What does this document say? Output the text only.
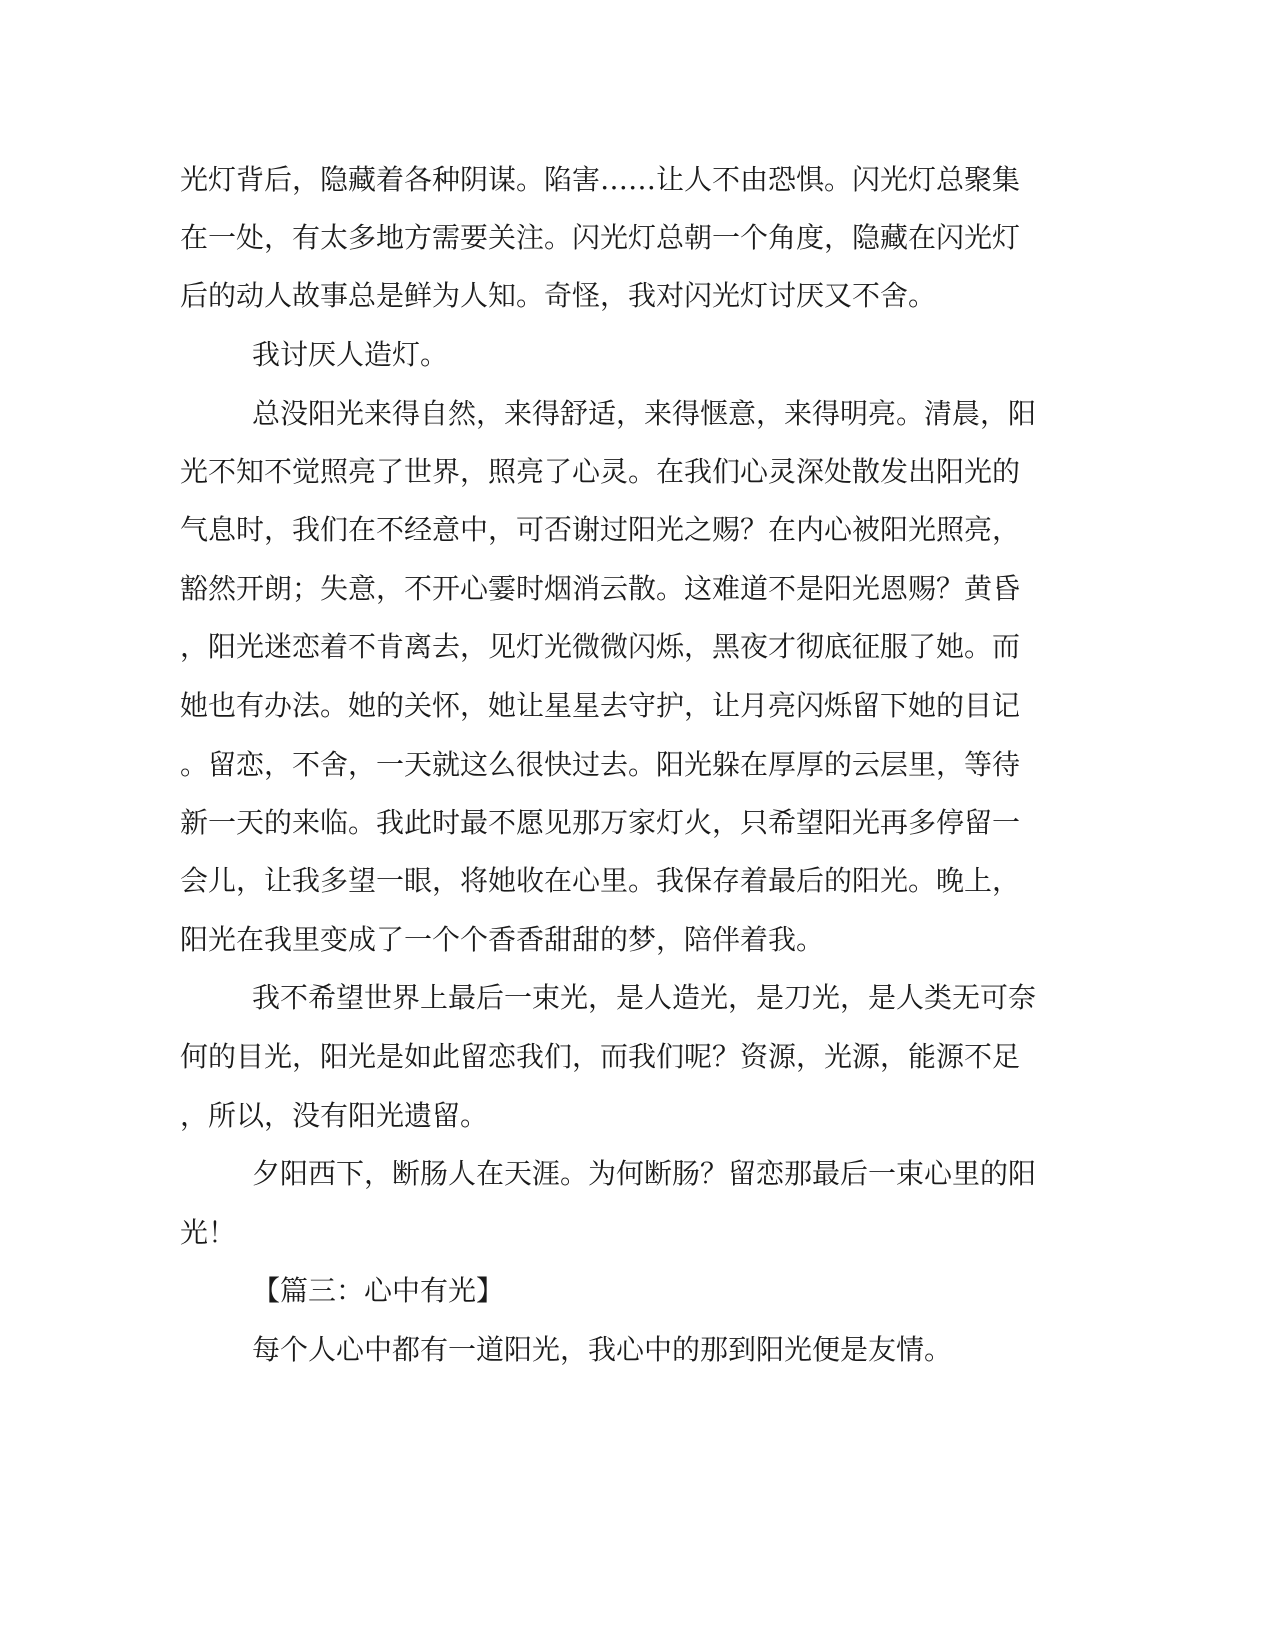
光灯背后，隐藏着各种阴谋。陷害……让人不由恐惧。闪光灯总聚集
在一处，有太多地方需要关注。闪光灯总朝一个角度，隐藏在闪光灯
后的动人故事总是鲜为人知。奇怪，我对闪光灯讨厌又不舍。
我讨厌人造灯。
总没阳光来得自然，来得舒适，来得惬意，来得明亮。清晨，阳
光不知不觉照亮了世界，照亮了心灵。在我们心灵深处散发出阳光的
气息时，我们在不经意中，可否谢过阳光之赐？在内心被阳光照亮，
豁然开朗；失意，不开心霎时烟消云散。这难道不是阳光恩赐？黄昏
，阳光迷恋着不肯离去，见灯光微微闪烁，黑夜才彻底征服了她。而
她也有办法。她的关怀，她让星星去守护，让月亮闪烁留下她的目记
。留恋，不舍，一天就这么很快过去。阳光躲在厚厚的云层里，等待
新一天的来临。我此时最不愿见那万家灯火，只希望阳光再多停留一
会儿，让我多望一眼，将她收在心里。我保存着最后的阳光。晚上，
阳光在我里变成了一个个香香甜甜的梦，陪伴着我。
我不希望世界上最后一束光，是人造光，是刀光，是人类无可奈
何的目光，阳光是如此留恋我们，而我们呢？资源，光源，能源不足
，所以，没有阳光遗留。
夕阳西下，断肠人在天涯。为何断肠？留恋那最后一束心里的阳
光！
【篇三：心中有光】
每个人心中都有一道阳光，我心中的那到阳光便是友情。
